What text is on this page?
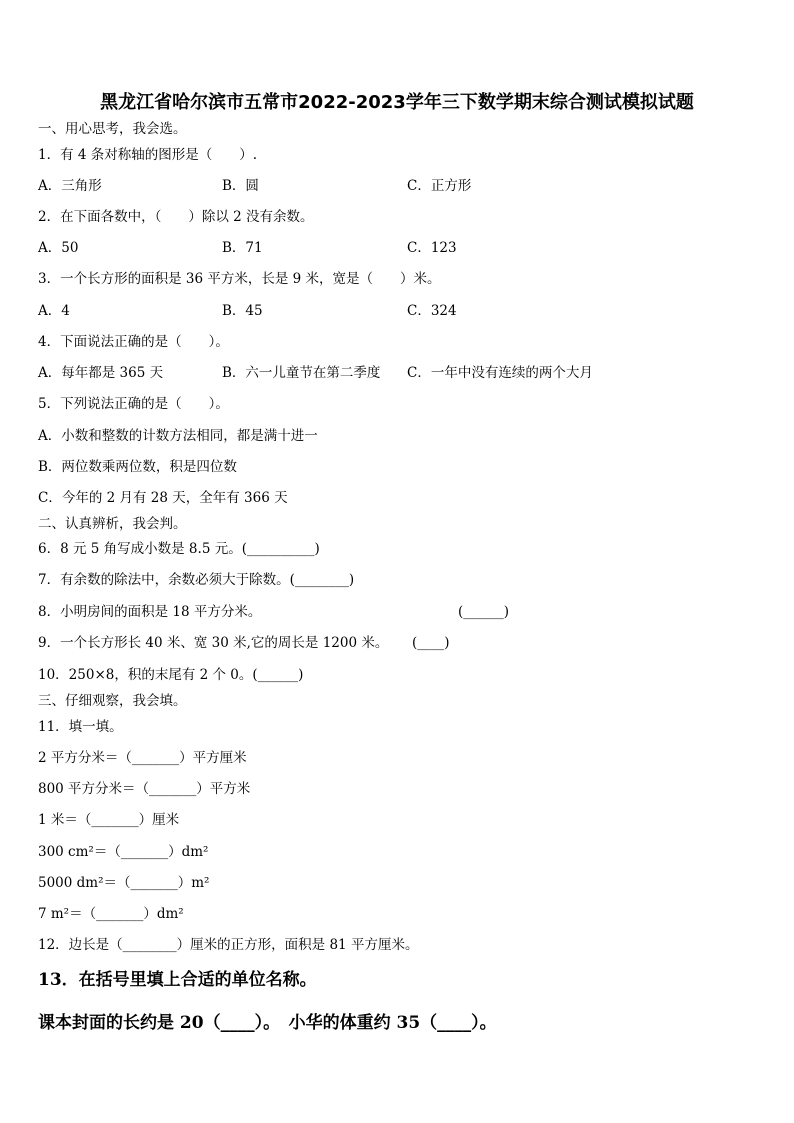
黑龙江省哈尔滨市五常市2022-2023学年三下数学期末综合测试模拟试题
一、用心思考，我会选。
1．有 4 条对称轴的图形是（　　）.
A．三角形	B．圆	C．正方形
2．在下面各数中，（　　）除以 2 没有余数。
A．50	B．71	C．123
3．一个长方形的面积是 36 平方米，长是 9 米，宽是（　　）米。
A．4	B．45	C．324
4．下面说法正确的是（　　）。
A．每年都是 365 天	B．六一儿童节在第二季度 C．一年中没有连续的两个大月
5．下列说法正确的是（　　）。
A．小数和整数的计数方法相同，都是满十进一
B．两位数乘两位数，积是四位数
C．今年的 2 月有 28 天，全年有 366 天
二、认真辨析，我会判。
6．8 元 5 角写成小数是 8.5 元。(__________)
7．有余数的除法中，余数必须大于除数。(________)
8．小明房间的面积是 18 平方分米。	(______)
9．一个长方形长 40 米、宽 30 米,它的周长是 1200 米。 (____)
10．250×8，积的末尾有 2 个 0。(______)
三、仔细观察，我会填。
11．填一填。
2 平方分米＝（_______）平方厘米
800 平方分米＝（_______）平方米
1 米＝（_______）厘米
300 cm²＝（_______）dm²
5000 dm²＝（_______）m²
7 m²＝（_______）dm²
12．边长是（________）厘米的正方形，面积是 81 平方厘米。
13．在括号里填上合适的单位名称。
课本封面的长约是 20（____）。　小华的体重约 35（____）。
